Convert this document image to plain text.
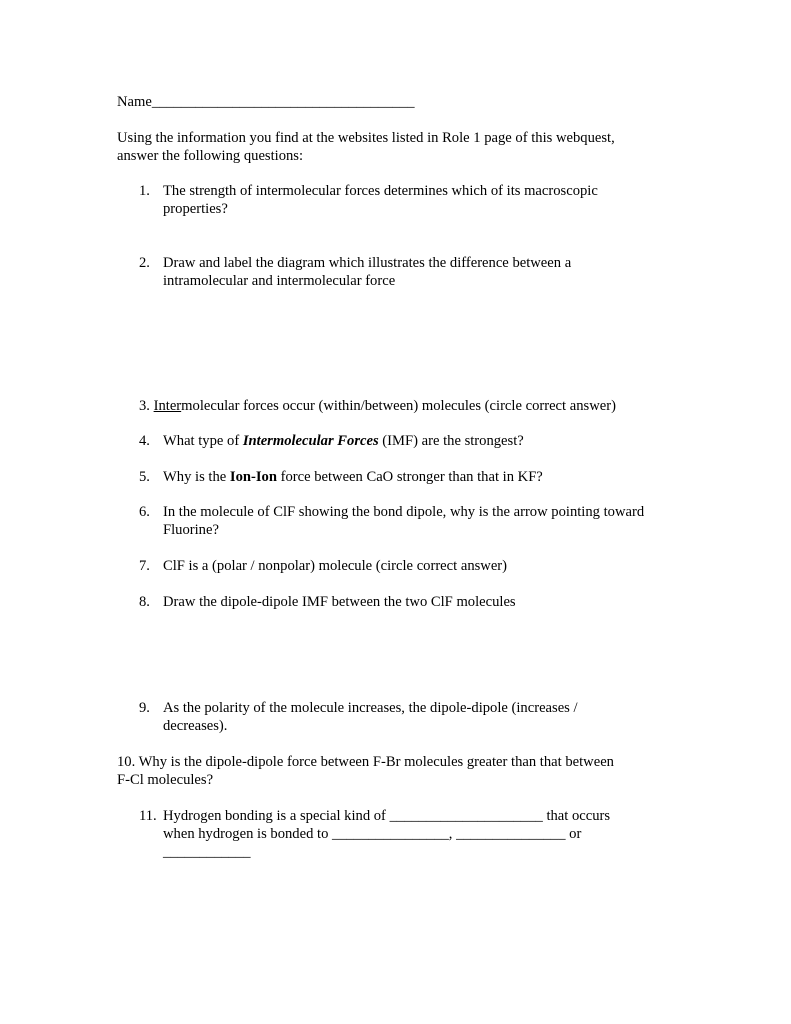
Name____________________________________
Using the information you find at the websites listed in Role 1 page of this webquest,
answer the following questions:
1. The strength of intermolecular forces determines which of its macroscopic
properties?
2. Draw and label the diagram which illustrates the difference between a
intramolecular and intermolecular force
3. Intermolecular forces occur (within/between) molecules (circle correct answer)
4. What type of Intermolecular Forces (IMF) are the strongest?
5. Why is the Ion-Ion force between CaO stronger than that in KF?
6. In the molecule of ClF showing the bond dipole, why is the arrow pointing toward
Fluorine?
7. ClF is a (polar / nonpolar) molecule (circle correct answer)
8. Draw the dipole-dipole IMF between the two ClF molecules
9. As the polarity of the molecule increases, the dipole-dipole (increases /
decreases).
10. Why is the dipole-dipole force between F-Br molecules greater than that between
F-Cl molecules?
11. Hydrogen bonding is a special kind of _____________________ that occurs
when hydrogen is bonded to ________________, _______________ or
____________
